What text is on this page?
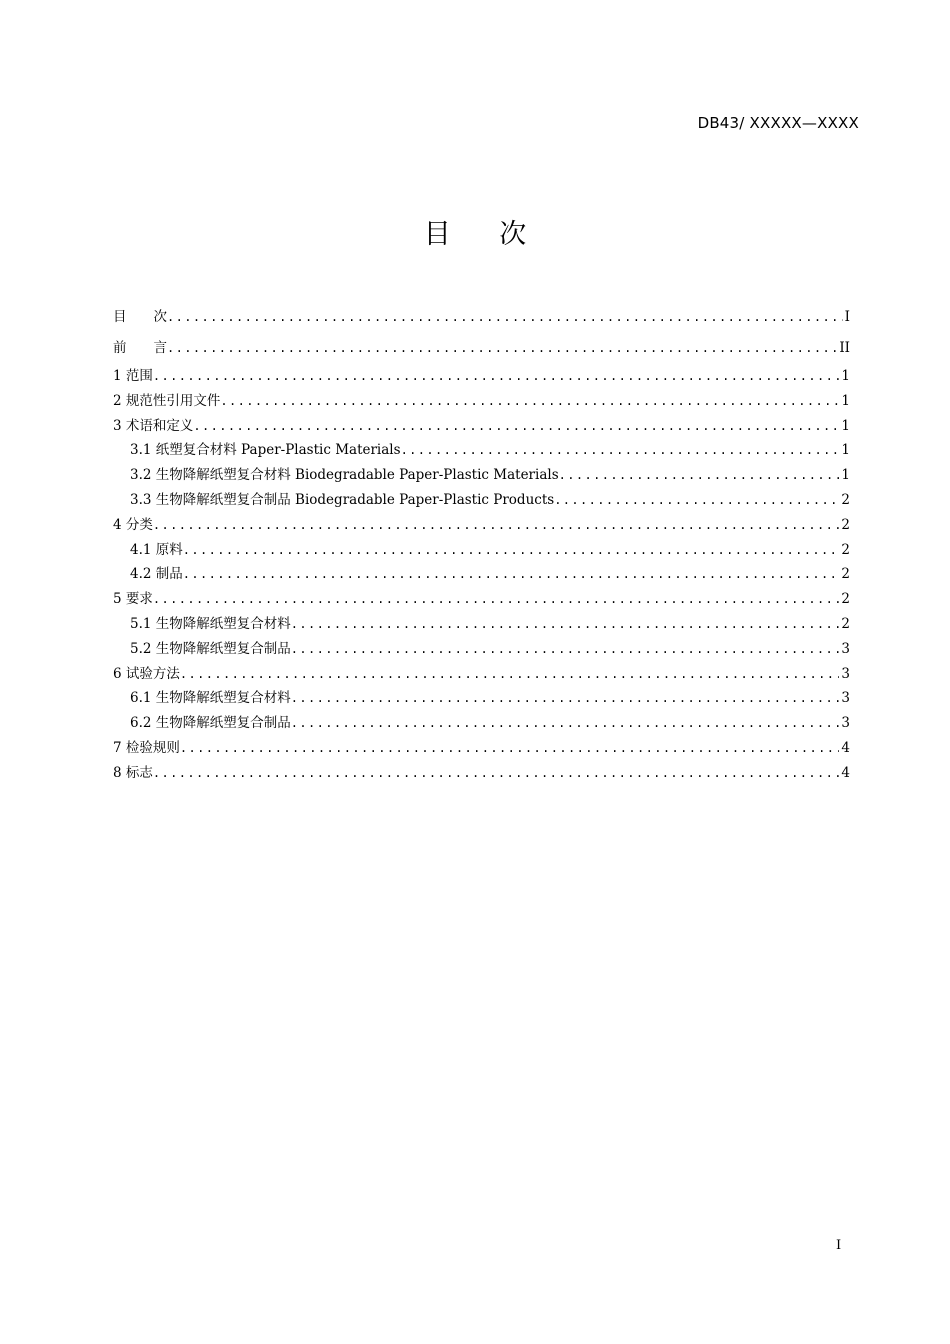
DB43/ XXXXX—XXXX
目 次
目　　次 .....	I
前　　言 .....	II
1 范围 .....	1
2 规范性引用文件 .....	1
3 术语和定义 .....	1
3.1 纸塑复合材料 Paper-Plastic Materials .....	1
3.2 生物降解纸塑复合材料 Biodegradable Paper-Plastic Materials .....	1
3.3 生物降解纸塑复合制品 Biodegradable Paper-Plastic Products .....	2
4 分类 .....	2
4.1 原料 .....	2
4.2 制品 .....	2
5 要求 .....	2
5.1 生物降解纸塑复合材料 .....	2
5.2 生物降解纸塑复合制品 .....	3
6 试验方法 .....	3
6.1 生物降解纸塑复合材料 .....	3
6.2 生物降解纸塑复合制品 .....	3
7 检验规则 .....	4
8 标志 .....	4
I
